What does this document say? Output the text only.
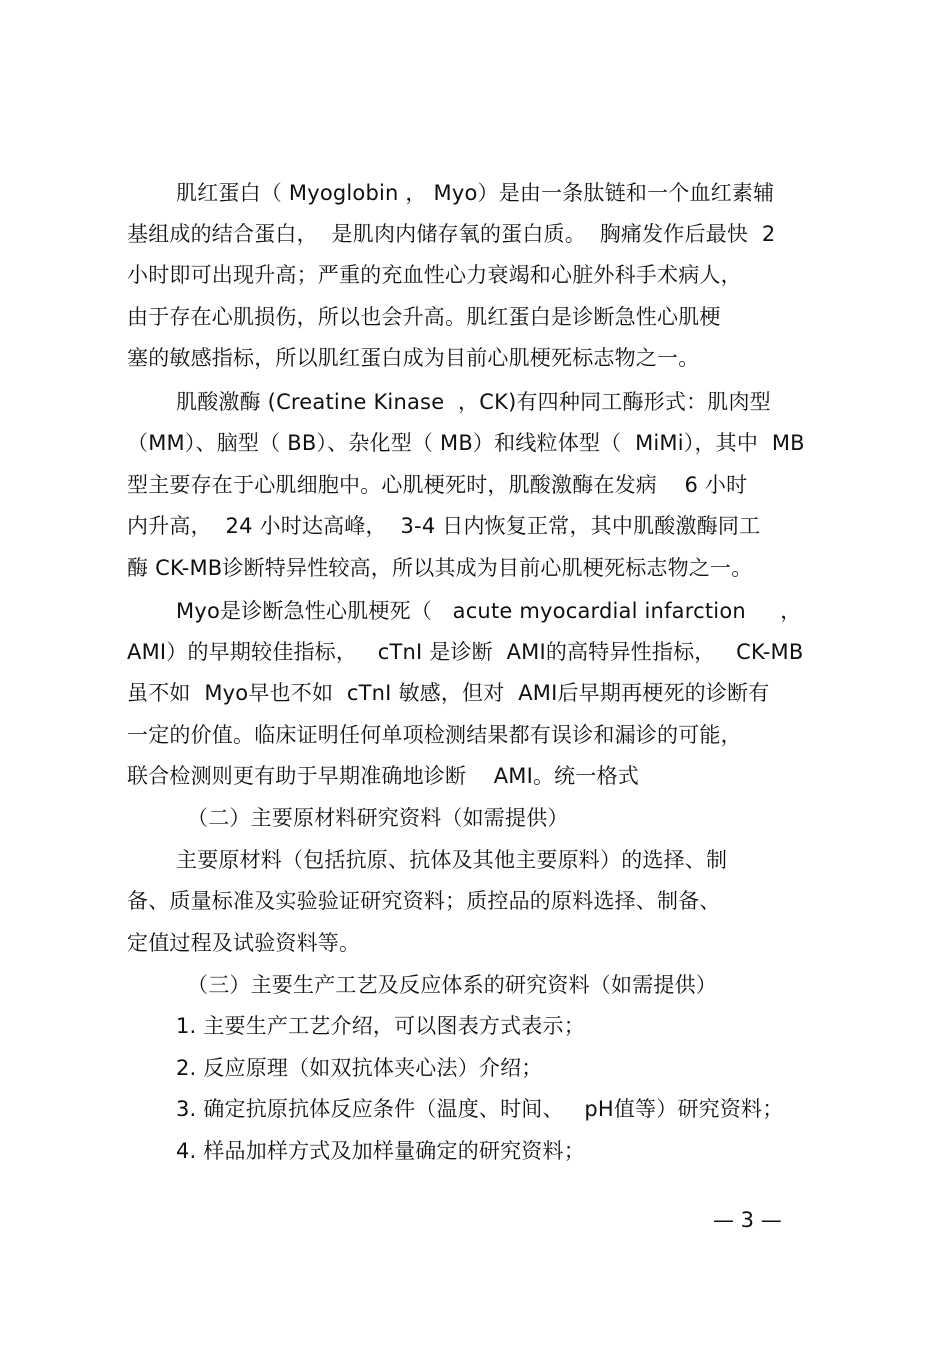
肌红蛋白（ Myoglobin ， Myo）是由一条肽链和一个血红素辅
基组成的结合蛋白，  是肌肉内储存氧的蛋白质。  胸痛发作后最快  2
小时即可出现升高；严重的充血性心力衰竭和心脏外科手术病人，
由于存在心肌损伤，所以也会升高。肌红蛋白是诊断急性心肌梗
塞的敏感指标，所以肌红蛋白成为目前心肌梗死标志物之一。
肌酸激酶 (Creatine Kinase  ，CK)有四种同工酶形式：肌肉型
（MM）、脑型（ BB）、杂化型（ MB）和线粒体型（  MiMi），其中  MB
型主要存在于心肌细胞中。心肌梗死时，肌酸激酶在发病    6 小时
内升高，  24 小时达高峰，  3-4 日内恢复正常，其中肌酸激酶同工
酶 CK-MB诊断特异性较高，所以其成为目前心肌梗死标志物之一。
Myo是诊断急性心肌梗死（   acute myocardial infarction     ，
AMI）的早期较佳指标，   cTnI 是诊断  AMI的高特异性指标，   CK-MB
虽不如  Myo早也不如  cTnI 敏感，但对  AMI后早期再梗死的诊断有
一定的价值。临床证明任何单项检测结果都有误诊和漏诊的可能，
联合检测则更有助于早期准确地诊断    AMI。统一格式
（二）主要原材料研究资料（如需提供）
主要原材料（包括抗原、抗体及其他主要原料）的选择、制
备、质量标准及实验验证研究资料；质控品的原料选择、制备、
定值过程及试验资料等。
（三）主要生产工艺及反应体系的研究资料（如需提供）
1. 主要生产工艺介绍，可以图表方式表示；
2. 反应原理（如双抗体夹心法）介绍；
3. 确定抗原抗体反应条件（温度、时间、   pH值等）研究资料；
4. 样品加样方式及加样量确定的研究资料；
— 3 —
